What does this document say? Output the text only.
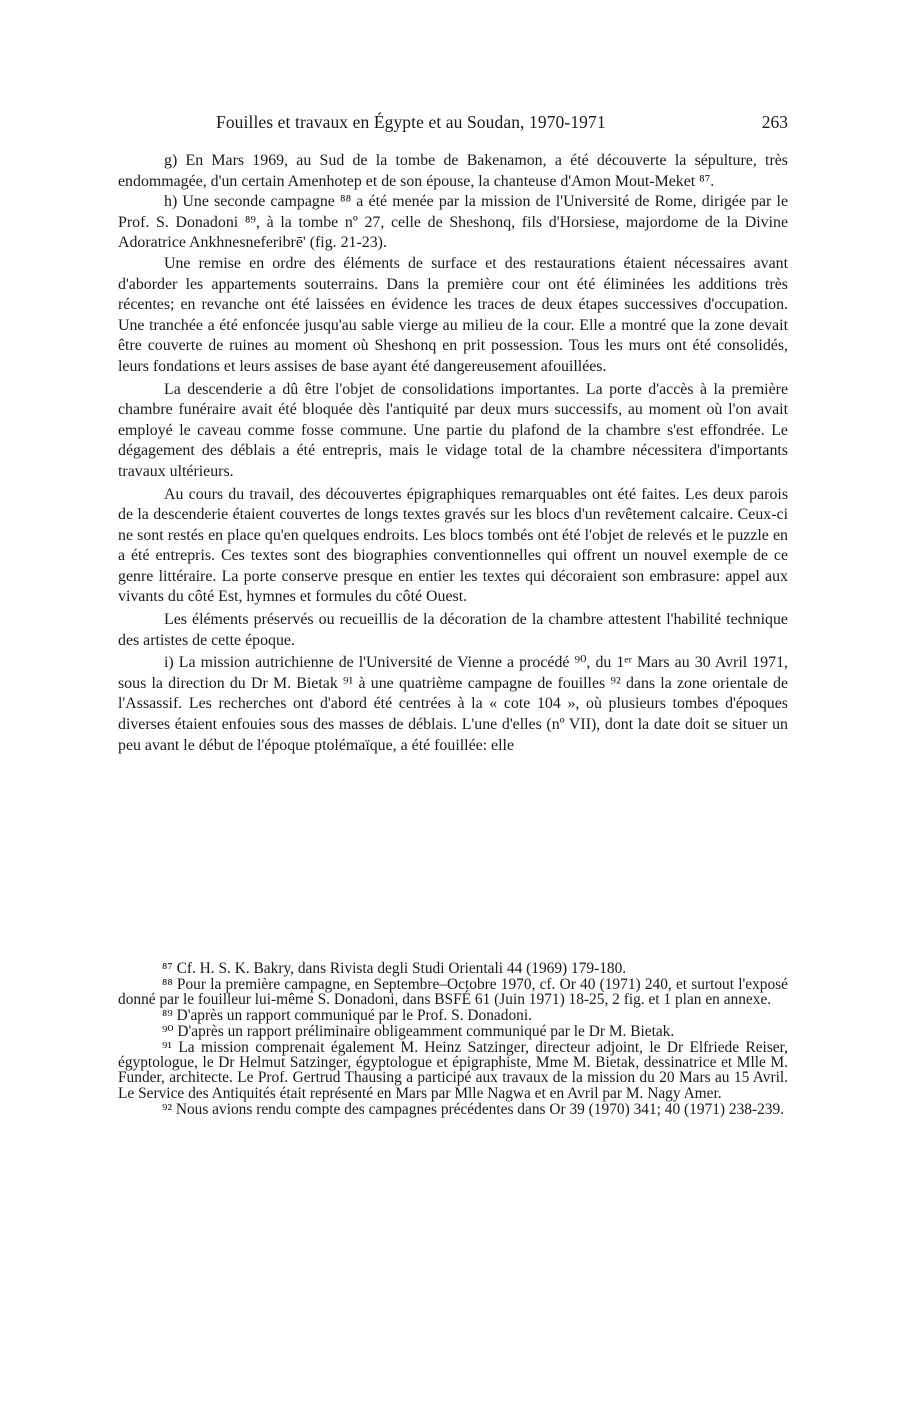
Fouilles et travaux en Égypte et au Soudan, 1970-1971	263

g) En Mars 1969, au Sud de la tombe de Bakenamon, a été découverte la sépulture, très endommagée, d'un certain Amenhotep et de son épouse, la chanteuse d'Amon Mout-Meket ⁸⁷.

h) Une seconde campagne ⁸⁸ a été menée par la mission de l'Université de Rome, dirigée par le Prof. S. Donadoni ⁸⁹, à la tombe nº 27, celle de Sheshonq, fils d'Horsiese, majordome de la Divine Adoratrice Ankhnesneferibrē' (fig. 21-23).

Une remise en ordre des éléments de surface et des restaurations étaient nécessaires avant d'aborder les appartements souterrains. Dans la première cour ont été éliminées les additions très récentes; en revanche ont été laissées en évidence les traces de deux étapes successives d'occupation. Une tranchée a été enfoncée jusqu'au sable vierge au milieu de la cour. Elle a montré que la zone devait être couverte de ruines au moment où Sheshonq en prit possession. Tous les murs ont été consolidés, leurs fondations et leurs assises de base ayant été dangereusement afouillées.

La descenderie a dû être l'objet de consolidations importantes. La porte d'accès à la première chambre funéraire avait été bloquée dès l'antiquité par deux murs successifs, au moment où l'on avait employé le caveau comme fosse commune. Une partie du plafond de la chambre s'est effondrée. Le dégagement des déblais a été entrepris, mais le vidage total de la chambre nécessitera d'importants travaux ultérieurs.

Au cours du travail, des découvertes épigraphiques remarquables ont été faites. Les deux parois de la descenderie étaient couvertes de longs textes gravés sur les blocs d'un revêtement calcaire. Ceux-ci ne sont restés en place qu'en quelques endroits. Les blocs tombés ont été l'objet de relevés et le puzzle en a été entrepris. Ces textes sont des biographies conventionnelles qui offrent un nouvel exemple de ce genre littéraire. La porte conserve presque en entier les textes qui décoraient son embrasure: appel aux vivants du côté Est, hymnes et formules du côté Ouest.

Les éléments préservés ou recueillis de la décoration de la chambre attestent l'habilité technique des artistes de cette époque.

i) La mission autrichienne de l'Université de Vienne a procédé ⁹⁰, du 1ᵉʳ Mars au 30 Avril 1971, sous la direction du Dr M. Bietak ⁹¹ à une quatrième campagne de fouilles ⁹² dans la zone orientale de l'Assassif. Les recherches ont d'abord été centrées à la « cote 104 », où plusieurs tombes d'époques diverses étaient enfouies sous des masses de déblais. L'une d'elles (nº VII), dont la date doit se situer un peu avant le début de l'époque ptolémaïque, a été fouillée: elle

⁸⁷ Cf. H. S. K. Bakry, dans Rivista degli Studi Orientali 44 (1969) 179-180.

⁸⁸ Pour la première campagne, en Septembre–Octobre 1970, cf. Or 40 (1971) 240, et surtout l'exposé donné par le fouilleur lui-même S. Donadoni, dans BSFÉ 61 (Juin 1971) 18-25, 2 fig. et 1 plan en annexe.

⁸⁹ D'après un rapport communiqué par le Prof. S. Donadoni.

⁹⁰ D'après un rapport préliminaire obligeamment communiqué par le Dr M. Bietak.

⁹¹ La mission comprenait également M. Heinz Satzinger, directeur adjoint, le Dr Elfriede Reiser, égyptologue, le Dr Helmut Satzinger, égyptologue et épigraphiste, Mme M. Bietak, dessinatrice et Mlle M. Funder, architecte. Le Prof. Gertrud Thausing a participé aux travaux de la mission du 20 Mars au 15 Avril. Le Service des Antiquités était représenté en Mars par Mlle Nagwa et en Avril par M. Nagy Amer.

⁹² Nous avions rendu compte des campagnes précédentes dans Or 39 (1970) 341; 40 (1971) 238-239.
